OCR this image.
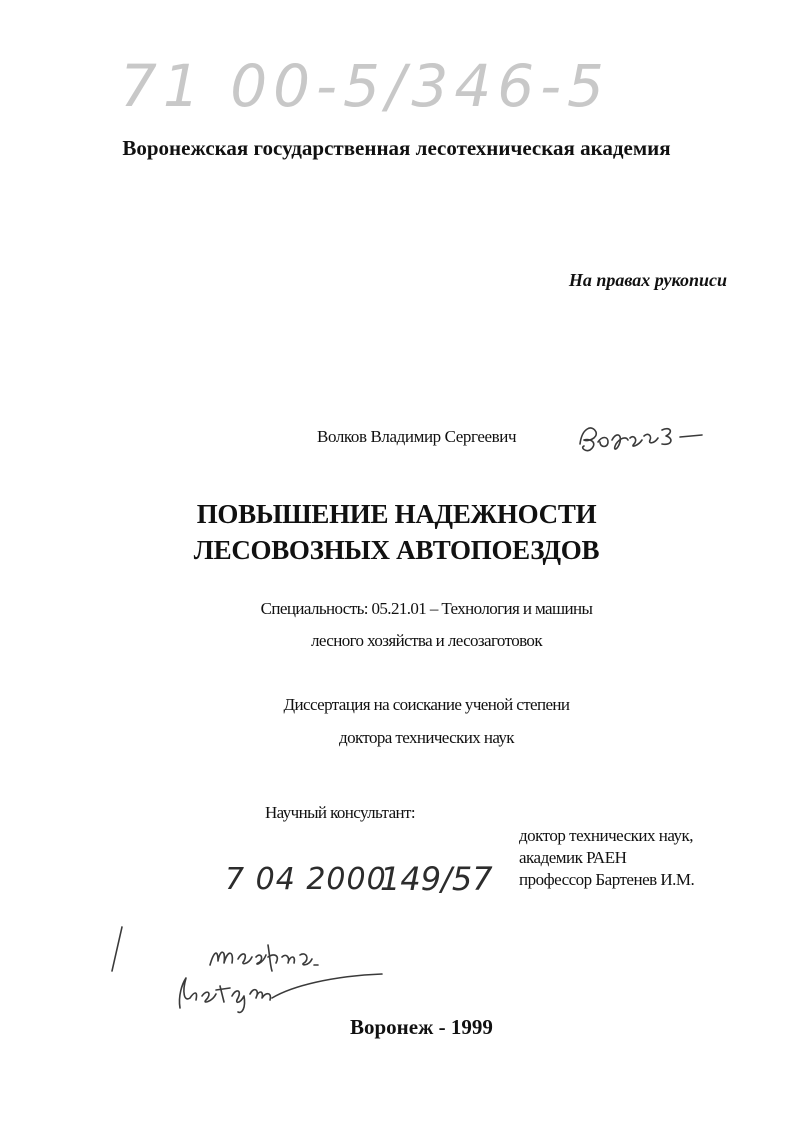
71 00-5/346-5
Воронежская государственная лесотехническая академия
На правах рукописи
Волков Владимир Сергеевич
ПОВЫШЕНИЕ НАДЕЖНОСТИ
ЛЕСОВОЗНЫХ АВТОПОЕЗДОВ
Специальность: 05.21.01 – Технология и машины
лесного хозяйства и лесозаготовок
Диссертация на соискание ученой степени
доктора технических наук
Научный консультант:
доктор технических наук,
академик РАЕН
профессор Бартенев И.М.
7 04 2000
149/57
Воронеж - 1999
